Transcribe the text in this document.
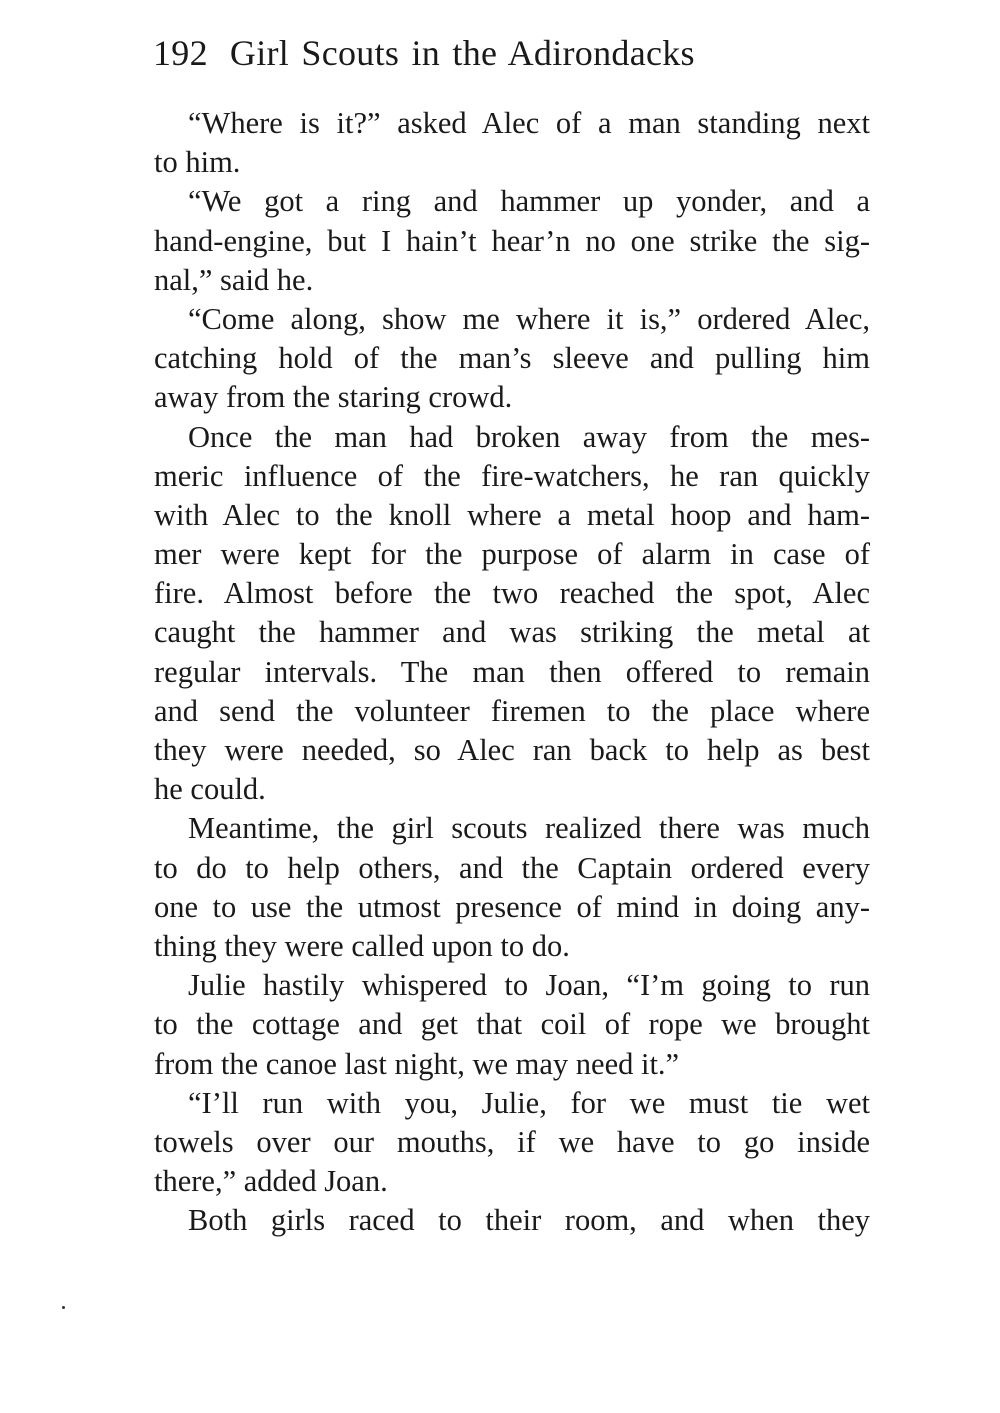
192 Girl Scouts in the Adirondacks
“Where is it?” asked Alec of a man standing next
to him.
“We got a ring and hammer up yonder, and a
hand-engine, but I hain’t hear’n no one strike the sig-
nal,” said he.
“Come along, show me where it is,” ordered Alec,
catching hold of the man’s sleeve and pulling him
away from the staring crowd.
Once the man had broken away from the mes-
meric influence of the fire-watchers, he ran quickly
with Alec to the knoll where a metal hoop and ham-
mer were kept for the purpose of alarm in case of
fire. Almost before the two reached the spot, Alec
caught the hammer and was striking the metal at
regular intervals. The man then offered to remain
and send the volunteer firemen to the place where
they were needed, so Alec ran back to help as best
he could.
Meantime, the girl scouts realized there was much
to do to help others, and the Captain ordered every
one to use the utmost presence of mind in doing any-
thing they were called upon to do.
Julie hastily whispered to Joan, “I’m going to run
to the cottage and get that coil of rope we brought
from the canoe last night, we may need it.”
“I’ll run with you, Julie, for we must tie wet
towels over our mouths, if we have to go inside
there,” added Joan.
Both girls raced to their room, and when they
